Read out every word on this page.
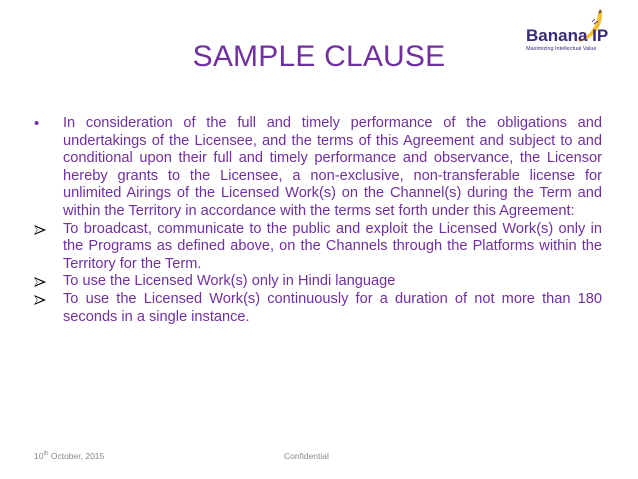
Banana IP
Maximizing Intellectual Value
SAMPLE CLAUSE
•	In consideration of the full and timely performance of the obligations and undertakings of the Licensee, and the terms of this Agreement and subject to and conditional upon their full and timely performance and observance, the Licensor hereby grants to the Licensee, a non-exclusive, non-transferable license for unlimited Airings of the Licensed Work(s) on the Channel(s) during the Term and within the Territory in accordance with the terms set forth under this Agreement:
To broadcast, communicate to the public and exploit the Licensed Work(s) only in the Programs as defined above, on the Channels through the Platforms within the Territory for the Term.
To use the Licensed Work(s) only in Hindi language
To use the Licensed Work(s) continuously for a duration of not more than 180 seconds in a single instance.
10th October, 2015	Confidential
